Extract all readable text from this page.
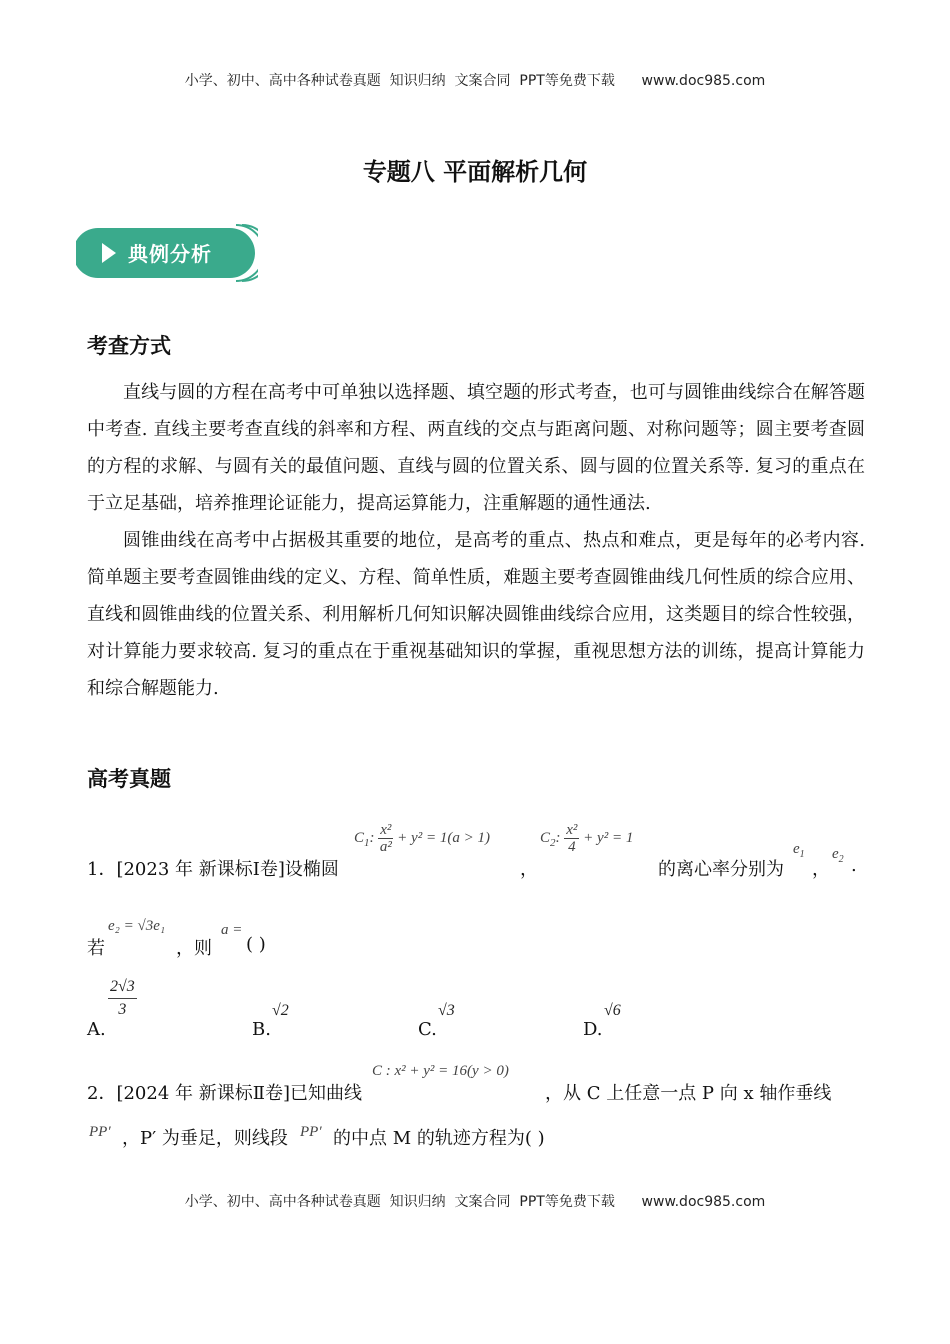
小学、初中、高中各种试卷真题  知识归纳  文案合同  PPT等免费下载      www.doc985.com
专题八 平面解析几何
典例分析
考查方式
直线与圆的方程在高考中可单独以选择题、填空题的形式考查，也可与圆锥曲线综合在解答题中考查. 直线主要考查直线的斜率和方程、两直线的交点与距离问题、对称问题等；圆主要考查圆的方程的求解、与圆有关的最值问题、直线与圆的位置关系、圆与圆的位置关系等. 复习的重点在于立足基础，培养推理论证能力，提高运算能力，注重解题的通性通法.
圆锥曲线在高考中占据极其重要的地位，是高考的重点、热点和难点，更是每年的必考内容. 简单题主要考查圆锥曲线的定义、方程、简单性质，难题主要考查圆锥曲线几何性质的综合应用、直线和圆锥曲线的位置关系、利用解析几何知识解决圆锥曲线综合应用，这类题目的综合性较强，对计算能力要求较高. 复习的重点在于重视基础知识的掌握，重视思想方法的训练，提高计算能力和综合解题能力.
高考真题
1．[2023 年 新课标Ⅰ卷]设椭圆
$C_1$: $\frac{\text{x²}}{\text{a²}} + y^2 = 1(a > 1)$
，
$C_2$: $\frac{\text{x²}}{4} + y^2 = 1$
的离心率分别为
$e_1$
，
$e_2$ .
若
e₂ = √3e₁
，则
a =
( )
A.
$\frac{2√3}{3}$
B.
√2
C.
√3
D.
√6
2．[2024 年 新课标Ⅱ卷]已知曲线
C : x² + y² = 16(y > 0)
，从 C 上任意一点 P 向 x 轴作垂线
PP′ ，P′ 为垂足，则线段 PP′ 的中点 M 的轨迹方程为( )
小学、初中、高中各种试卷真题  知识归纳  文案合同  PPT等免费下载      www.doc985.com
